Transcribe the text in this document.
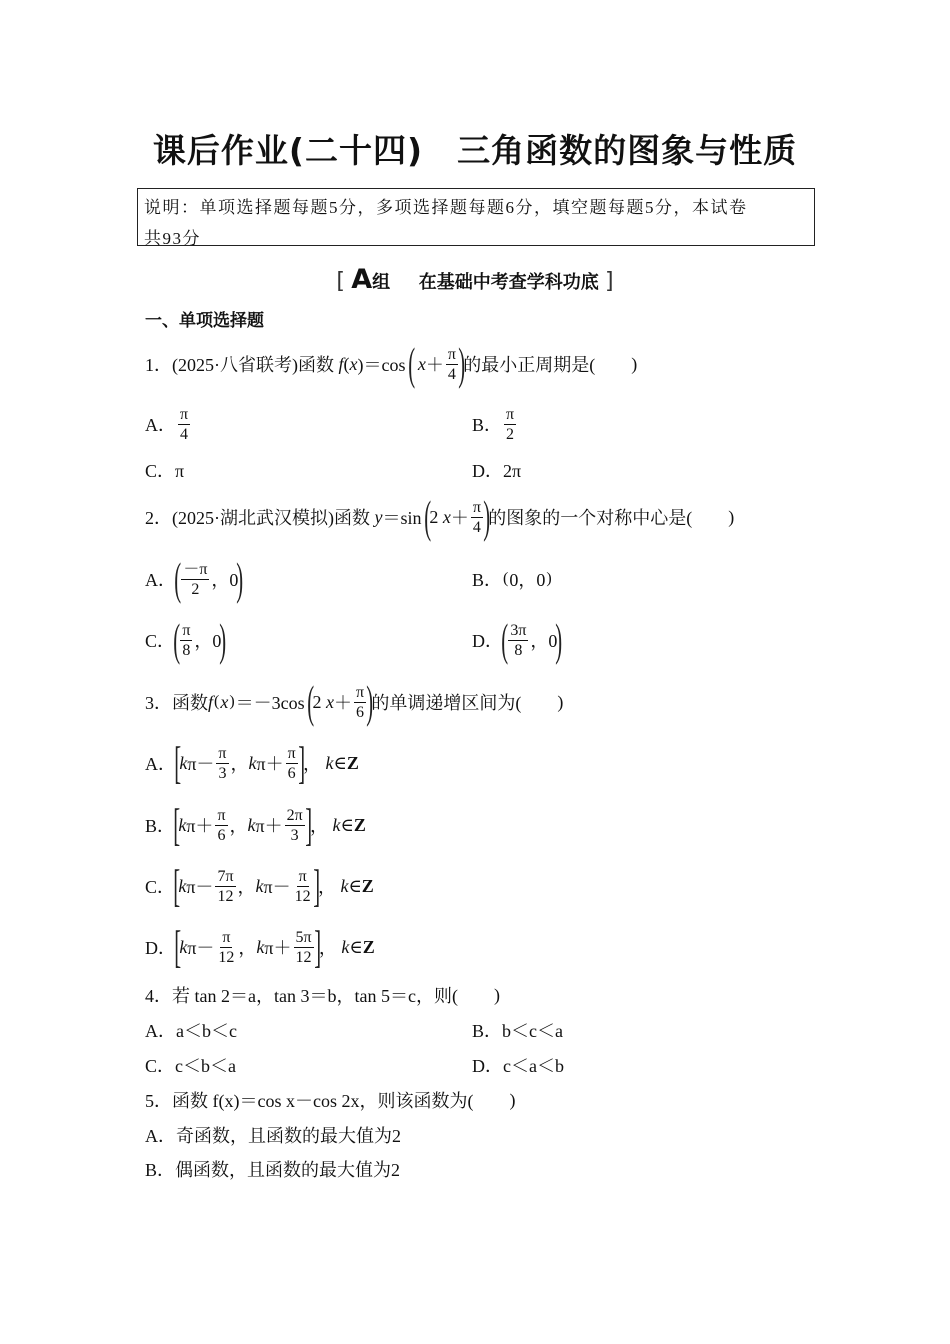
课后作业(二十四)　三角函数的图象与性质
说明：单项选择题每题5分，多项选择题每题6分，填空题每题5分，本试卷
共93分
[ A组 在基础中考查学科功底 ]
一、单项选择题
1． (2025·八省联考)函数 f ( x )＝cos
(
$x + \frac{\pi}{4}$ )
的最小正周期是( )
A． $\frac{\pi}{4}$	B． $\frac{\pi}{2}$
C．π	D．2π
2． (2025·湖北武汉模拟)函数 y ＝sin
(
2 $x + \frac{\pi}{4}$ )
的图象的一个对称中心是( )
A．
( $\frac{-\pi}{2}$ ，0
)	B． ( 0，0 )
C．
( $\frac{\pi}{8}$ ，0
)	D．
( $\frac{3\pi}{8}$ ，0
)
3． 函数 f ( x ) ＝－3cos
(
2 $x + \frac{\pi}{6}$ )
的单调递增区间为( )
A．
[
k $\pi- \frac{\pi}{3}$ ， k $\pi+ \frac{\pi}{6}$ ]
， k ∈ Z
B．
[
k $\pi+ \frac{\pi}{6}$ ， k $\pi+ \frac{2\pi}{3}$ ]
， k ∈ Z
C．
[
k $\pi- \frac{7\pi}{12}$ ， k $\pi- \frac{\pi}{12}$ ]
， k ∈ Z
D．
[
k $\pi- \frac{\pi}{12}$ ， k $\pi+ \frac{5\pi}{12}$ ]
， k ∈ Z
4． 若 tan 2＝a，tan 3＝b，tan 5＝c，则( )
A．a＜b＜c	B．b＜c＜a
C．c＜b＜a	D．c＜a＜b
5． 函数 f(x)＝cos x－cos 2x，则该函数为( )
A．奇函数，且函数的最大值为2
B．偶函数，且函数的最大值为2
